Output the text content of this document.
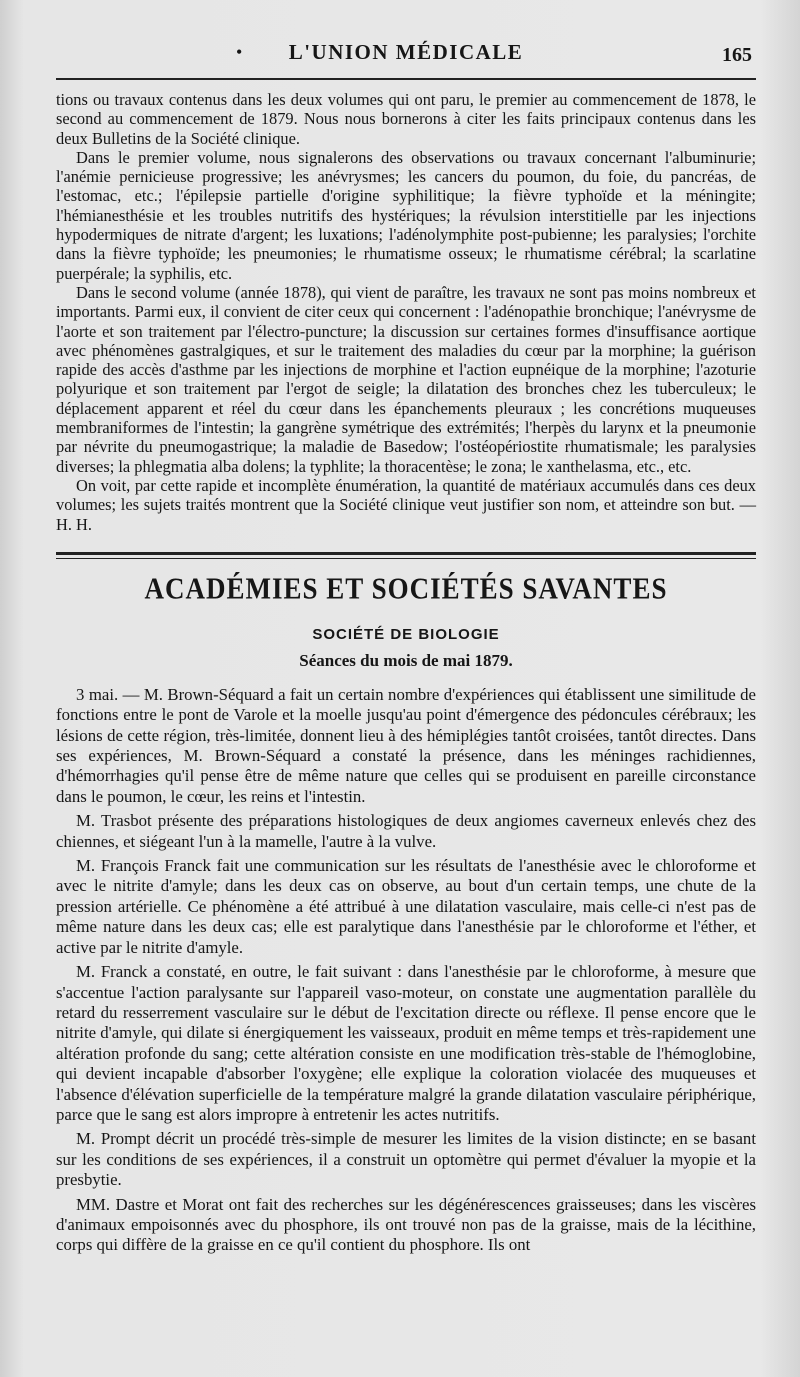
•	L'UNION MÉDICALE	165

tions ou travaux contenus dans les deux volumes qui ont paru, le premier au commencement de 1878, le second au commencement de 1879. Nous nous bornerons à citer les faits principaux contenus dans les deux Bulletins de la Société clinique.

Dans le premier volume, nous signalerons des observations ou travaux concernant l'albuminurie; l'anémie pernicieuse progressive; les anévrysmes; les cancers du poumon, du foie, du pancréas, de l'estomac, etc.; l'épilepsie partielle d'origine syphilitique; la fièvre typhoïde et la méningite; l'hémianesthésie et les troubles nutritifs des hystériques; la révulsion interstitielle par les injections hypodermiques de nitrate d'argent; les luxations; l'adénolymphite post-pubienne; les paralysies; l'orchite dans la fièvre typhoïde; les pneumonies; le rhumatisme osseux; le rhumatisme cérébral; la scarlatine puerpérale; la syphilis, etc.

Dans le second volume (année 1878), qui vient de paraître, les travaux ne sont pas moins nombreux et importants. Parmi eux, il convient de citer ceux qui concernent : l'adénopathie bronchique; l'anévrysme de l'aorte et son traitement par l'électro-puncture; la discussion sur certaines formes d'insuffisance aortique avec phénomènes gastralgiques, et sur le traitement des maladies du cœur par la morphine; la guérison rapide des accès d'asthme par les injections de morphine et l'action eupnéique de la morphine; l'azoturie polyurique et son traitement par l'ergot de seigle; la dilatation des bronches chez les tuberculeux; le déplacement apparent et réel du cœur dans les épanchements pleuraux ; les concrétions muqueuses membraniformes de l'intestin; la gangrène symétrique des extrémités; l'herpès du larynx et la pneumonie par névrite du pneumogastrique; la maladie de Basedow; l'ostéopériostite rhumatismale; les paralysies diverses; la phlegmatia alba dolens; la typhlite; la thoracentèse; le zona; le xanthelasma, etc., etc.

On voit, par cette rapide et incomplète énumération, la quantité de matériaux accumulés dans ces deux volumes; les sujets traités montrent que la Société clinique veut justifier son nom, et atteindre son but. — H. H.

ACADÉMIES ET SOCIÉTÉS SAVANTES
SOCIÉTÉ DE BIOLOGIE
Séances du mois de mai 1879.

3 mai. — M. Brown-Séquard a fait un certain nombre d'expériences qui établissent une similitude de fonctions entre le pont de Varole et la moelle jusqu'au point d'émergence des pédoncules cérébraux; les lésions de cette région, très-limitée, donnent lieu à des hémiplégies tantôt croisées, tantôt directes. Dans ses expériences, M. Brown-Séquard a constaté la présence, dans les méninges rachidiennes, d'hémorrhagies qu'il pense être de même nature que celles qui se produisent en pareille circonstance dans le poumon, le cœur, les reins et l'intestin.

M. Trasbot présente des préparations histologiques de deux angiomes caverneux enlevés chez des chiennes, et siégeant l'un à la mamelle, l'autre à la vulve.

M. François Franck fait une communication sur les résultats de l'anesthésie avec le chloroforme et avec le nitrite d'amyle; dans les deux cas on observe, au bout d'un certain temps, une chute de la pression artérielle. Ce phénomène a été attribué à une dilatation vasculaire, mais celle-ci n'est pas de même nature dans les deux cas; elle est paralytique dans l'anesthésie par le chloroforme et l'éther, et active par le nitrite d'amyle.

M. Franck a constaté, en outre, le fait suivant : dans l'anesthésie par le chloroforme, à mesure que s'accentue l'action paralysante sur l'appareil vaso-moteur, on constate une augmentation parallèle du retard du resserrement vasculaire sur le début de l'excitation directe ou réflexe. Il pense encore que le nitrite d'amyle, qui dilate si énergiquement les vaisseaux, produit en même temps et très-rapidement une altération profonde du sang; cette altération consiste en une modification très-stable de l'hémoglobine, qui devient incapable d'absorber l'oxygène; elle explique la coloration violacée des muqueuses et l'absence d'élévation superficielle de la température malgré la grande dilatation vasculaire périphérique, parce que le sang est alors impropre à entretenir les actes nutritifs.

M. Prompt décrit un procédé très-simple de mesurer les limites de la vision distincte; en se basant sur les conditions de ses expériences, il a construit un optomètre qui permet d'évaluer la myopie et la presbytie.

MM. Dastre et Morat ont fait des recherches sur les dégénérescences graisseuses; dans les viscères d'animaux empoisonnés avec du phosphore, ils ont trouvé non pas de la graisse, mais de la lécithine, corps qui diffère de la graisse en ce qu'il contient du phosphore. Ils ont
